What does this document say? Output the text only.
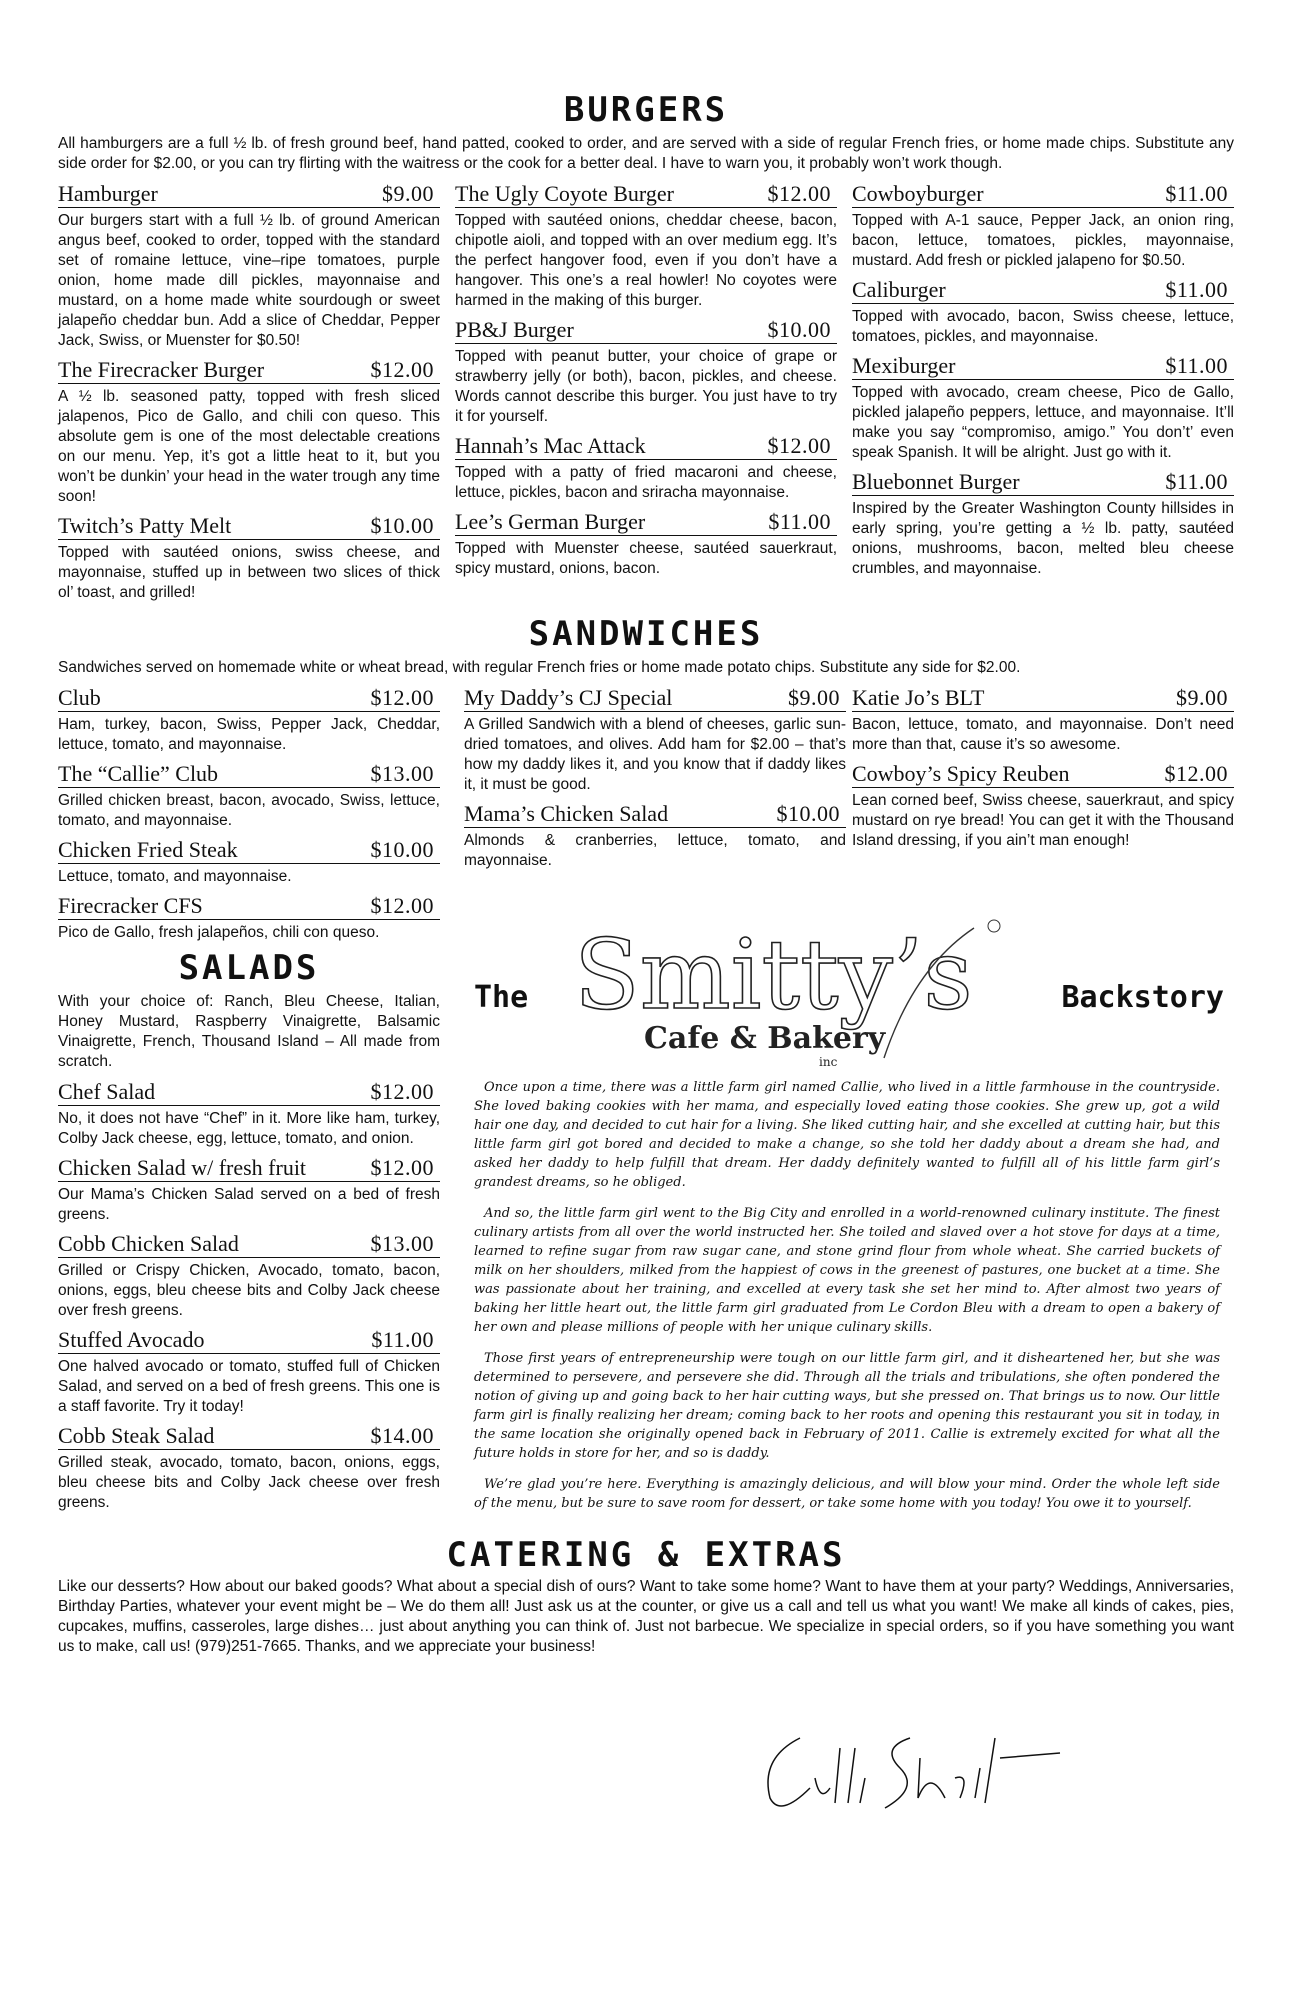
BURGERS

All hamburgers are a full ½ lb. of fresh ground beef, hand patted, cooked to order, and are served with a side of regular French fries, or home made chips. Substitute any side order for $2.00, or you can try flirting with the waitress or the cook for a better deal. I have to warn you, it probably won’t work though.

Hamburger	$9.00

Our burgers start with a full ½ lb. of ground American angus beef, cooked to order, topped with the standard set of romaine lettuce, vine–ripe tomatoes, purple onion, home made dill pickles, mayonnaise and mustard, on a home made white sourdough or sweet jalapeño cheddar bun. Add a slice of Cheddar, Pepper Jack, Swiss, or Muenster for $0.50!

The Firecracker Burger	$12.00

A ½ lb. seasoned patty, topped with fresh sliced jalapenos, Pico de Gallo, and chili con queso. This absolute gem is one of the most delectable creations on our menu. Yep, it’s got a little heat to it, but you won’t be dunkin’ your head in the water trough any time soon!

Twitch’s Patty Melt	$10.00

Topped with sautéed onions, swiss cheese, and mayonnaise, stuffed up in between two slices of thick ol’ toast, and grilled!

The Ugly Coyote Burger	$12.00

Topped with sautéed onions, cheddar cheese, bacon, chipotle aioli, and topped with an over medium egg. It’s the perfect hangover food, even if you don’t have a hangover. This one’s a real howler! No coyotes were harmed in the making of this burger.

PB&J Burger	$10.00

Topped with peanut butter, your choice of grape or strawberry jelly (or both), bacon, pickles, and cheese. Words cannot describe this burger. You just have to try it for yourself.

Hannah’s Mac Attack	$12.00

Topped with a patty of fried macaroni and cheese, lettuce, pickles, bacon and sriracha mayonnaise.

Lee’s German Burger	$11.00

Topped with Muenster cheese, sautéed sauerkraut, spicy mustard, onions, bacon.

Cowboyburger	$11.00

Topped with A-1 sauce, Pepper Jack, an onion ring, bacon, lettuce, tomatoes, pickles, mayonnaise, mustard. Add fresh or pickled jalapeno for $0.50.

Caliburger	$11.00

Topped with avocado, bacon, Swiss cheese, lettuce, tomatoes, pickles, and mayonnaise.

Mexiburger	$11.00

Topped with avocado, cream cheese, Pico de Gallo, pickled jalapeño peppers, lettuce, and mayonnaise. It’ll make you say “compromiso, amigo.” You don’t’ even speak Spanish. It will be alright. Just go with it.

Bluebonnet Burger	$11.00

Inspired by the Greater Washington County hillsides in early spring, you’re getting a ½ lb. patty, sautéed onions, mushrooms, bacon, melted bleu cheese crumbles, and mayonnaise.

SANDWICHES

Sandwiches served on homemade white or wheat bread, with regular French fries or home made potato chips. Substitute any side for $2.00.

Club	$12.00

Ham, turkey, bacon, Swiss, Pepper Jack, Cheddar, lettuce, tomato, and mayonnaise.

The “Callie” Club	$13.00

Grilled chicken breast, bacon, avocado, Swiss, lettuce, tomato, and mayonnaise.

Chicken Fried Steak	$10.00

Lettuce, tomato, and mayonnaise.

Firecracker CFS	$12.00

Pico de Gallo, fresh jalapeños, chili con queso.

SALADS

With your choice of: Ranch, Bleu Cheese, Italian, Honey Mustard, Raspberry Vinaigrette, Balsamic Vinaigrette, French, Thousand Island – All made from scratch.

Chef Salad	$12.00

No, it does not have “Chef” in it. More like ham, turkey, Colby Jack cheese, egg, lettuce, tomato, and onion.

Chicken Salad w/ fresh fruit	$12.00

Our Mama’s Chicken Salad served on a bed of fresh greens.

Cobb Chicken Salad	$13.00

Grilled or Crispy Chicken, Avocado, tomato, bacon, onions, eggs, bleu cheese bits and Colby Jack cheese over fresh greens.

Stuffed Avocado	$11.00

One halved avocado or tomato, stuffed full of Chicken Salad, and served on a bed of fresh greens. This one is a staff favorite. Try it today!

Cobb Steak Salad	$14.00

Grilled steak, avocado, tomato, bacon, onions, eggs, bleu cheese bits and Colby Jack cheese over fresh greens.

My Daddy’s CJ Special	$9.00

A Grilled Sandwich with a blend of cheeses, garlic sun-dried tomatoes, and olives. Add ham for $2.00 – that’s how my daddy likes it, and you know that if daddy likes it, it must be good.

Mama’s Chicken Salad	$10.00

Almonds & cranberries, lettuce, tomato, and mayonnaise.

Katie Jo’s BLT	$9.00

Bacon, lettuce, tomato, and mayonnaise. Don’t need more than that, cause it’s so awesome.

Cowboy’s Spicy Reuben	$12.00

Lean corned beef, Swiss cheese, sauerkraut, and spicy mustard on rye bread! You can get it with the Thousand Island dressing, if you ain’t man enough!

The Smitty’s
Cafe & Bakery
inc
Backstory

Once upon a time, there was a little farm girl named Callie, who lived in a little farmhouse in the countryside. She loved baking cookies with her mama, and especially loved eating those cookies. She grew up, got a wild hair one day, and decided to cut hair for a living. She liked cutting hair, and she excelled at cutting hair, but this little farm girl got bored and decided to make a change, so she told her daddy about a dream she had, and asked her daddy to help fulfill that dream. Her daddy definitely wanted to fulfill all of his little farm girl’s grandest dreams, so he obliged.

And so, the little farm girl went to the Big City and enrolled in a world-renowned culinary institute. The finest culinary artists from all over the world instructed her. She toiled and slaved over a hot stove for days at a time, learned to refine sugar from raw sugar cane, and stone grind flour from whole wheat. She carried buckets of milk on her shoulders, milked from the happiest of cows in the greenest of pastures, one bucket at a time. She was passionate about her training, and excelled at every task she set her mind to. After almost two years of baking her little heart out, the little farm girl graduated from Le Cordon Bleu with a dream to open a bakery of her own and please millions of people with her unique culinary skills.

Those first years of entrepreneurship were tough on our little farm girl, and it disheartened her, but she was determined to persevere, and persevere she did. Through all the trials and tribulations, she often pondered the notion of giving up and going back to her hair cutting ways, but she pressed on. That brings us to now. Our little farm girl is finally realizing her dream; coming back to her roots and opening this restaurant you sit in today, in the same location she originally opened back in February of 2011. Callie is extremely excited for what all the future holds in store for her, and so is daddy.

We’re glad you’re here. Everything is amazingly delicious, and will blow your mind. Order the whole left side of the menu, but be sure to save room for dessert, or take some home with you today! You owe it to yourself.

CATERING & EXTRAS

Like our desserts? How about our baked goods? What about a special dish of ours? Want to take some home? Want to have them at your party? Weddings, Anniversaries, Birthday Parties, whatever your event might be – We do them all! Just ask us at the counter, or give us a call and tell us what you want! We make all kinds of cakes, pies, cupcakes, muffins, casseroles, large dishes… just about anything you can think of. Just not barbecue. We specialize in special orders, so if you have something you want us to make, call us! (979)251-7665. Thanks, and we appreciate your business!
